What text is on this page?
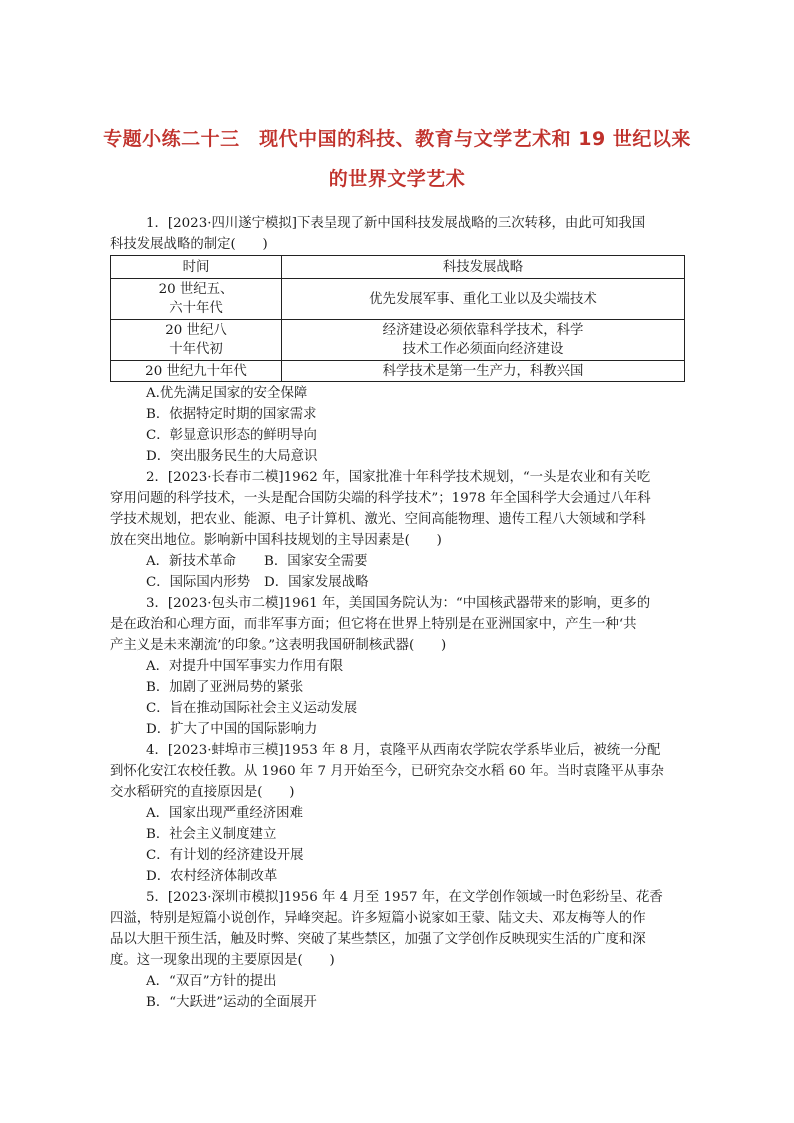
专题小练二十三　现代中国的科技、教育与文学艺术和 19 世纪以来
的世界文学艺术
1．[2023·四川遂宁模拟]下表呈现了新中国科技发展战略的三次转移，由此可知我国
科技发展战略的制定(　　)
时间	科技发展战略

20 世纪五、
六十年代	优先发展军事、重化工业以及尖端技术

20 世纪八
十年代初	经济建设必须依靠科学技术，科学
技术工作必须面向经济建设

20 世纪九十年代	科学技术是第一生产力，科教兴国
A.优先满足国家的安全保障
B．依据特定时期的国家需求
C．彰显意识形态的鲜明导向
D．突出服务民生的大局意识
2．[2023·长春市二模]1962 年，国家批准十年科学技术规划，“一头是农业和有关吃
穿用问题的科学技术，一头是配合国防尖端的科学技术”；1978 年全国科学大会通过八年科
学技术规划，把农业、能源、电子计算机、激光、空间高能物理、遗传工程八大领域和学科
放在突出地位。影响新中国科技规划的主导因素是(　　)
A．新技术革命 B．国家安全需要
C．国际国内形势 D．国家发展战略
3．[2023·包头市二模]1961 年，美国国务院认为：“中国核武器带来的影响，更多的
是在政治和心理方面，而非军事方面；但它将在世界上特别是在亚洲国家中，产生一种‘共
产主义是未来潮流’的印象。”这表明我国研制核武器(　　)
A．对提升中国军事实力作用有限
B．加剧了亚洲局势的紧张
C．旨在推动国际社会主义运动发展
D．扩大了中国的国际影响力
4．[2023·蚌埠市三模]1953 年 8 月，袁隆平从西南农学院农学系毕业后，被统一分配
到怀化安江农校任教。从 1960 年 7 月开始至今，已研究杂交水稻 60 年。当时袁隆平从事杂
交水稻研究的直接原因是(　　)
A．国家出现严重经济困难
B．社会主义制度建立
C．有计划的经济建设开展
D．农村经济体制改革
5．[2023·深圳市模拟]1956 年 4 月至 1957 年，在文学创作领域一时色彩纷呈、花香
四溢，特别是短篇小说创作，异峰突起。许多短篇小说家如王蒙、陆文夫、邓友梅等人的作
品以大胆干预生活，触及时弊、突破了某些禁区，加强了文学创作反映现实生活的广度和深
度。这一现象出现的主要原因是(　　)
A．“双百”方针的提出
B．“大跃进”运动的全面展开
